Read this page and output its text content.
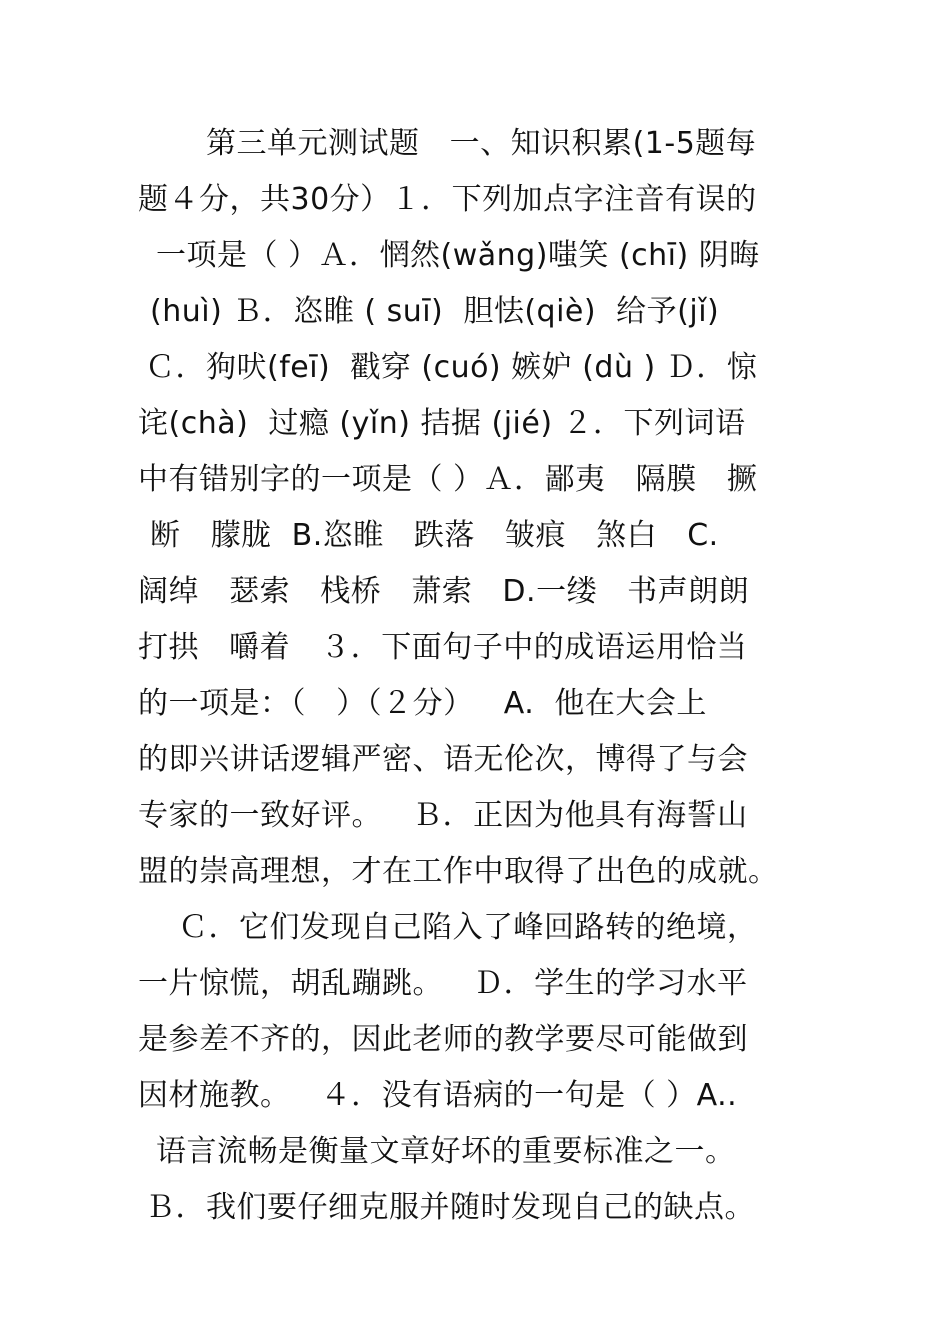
第三单元测试题   一、知识积累(1-5题每
题４分，共30分）１．下列加点字注音有误的
一项是（ ）Ａ．惘然(wǎng)嗤笑 (chī) 阴晦
(huì) Ｂ．恣睢 ( suī)  胆怯(qiè)  给予(jǐ)
Ｃ．狗吠(feī)  戳穿 (cuó) 嫉妒 (dù ) Ｄ．惊
诧(chà)  过瘾 (yǐn) 拮据 (jié) ２．下列词语
中有错别字的一项是（ ）Ａ．鄙夷   隔膜   撅
断   朦胧  B.恣睢   跌落   皱痕   煞白   C.
阔绰   瑟索   栈桥   萧索   D.一缕   书声朗朗
打拱   嚼着   ３．下面句子中的成语运用恰当
的一项是：（   ）（２分）   A.  他在大会上
的即兴讲话逻辑严密、语无伦次，博得了与会
专家的一致好评。   Ｂ．正因为他具有海誓山
盟的崇高理想，才在工作中取得了出色的成就。
Ｃ．它们发现自己陷入了峰回路转的绝境，
一片惊慌，胡乱蹦跳。   Ｄ．学生的学习水平
是参差不齐的，因此老师的教学要尽可能做到
因材施教。   ４．没有语病的一句是（ ）A..
语言流畅是衡量文章好坏的重要标准之一。
Ｂ．我们要仔细克服并随时发现自己的缺点。
